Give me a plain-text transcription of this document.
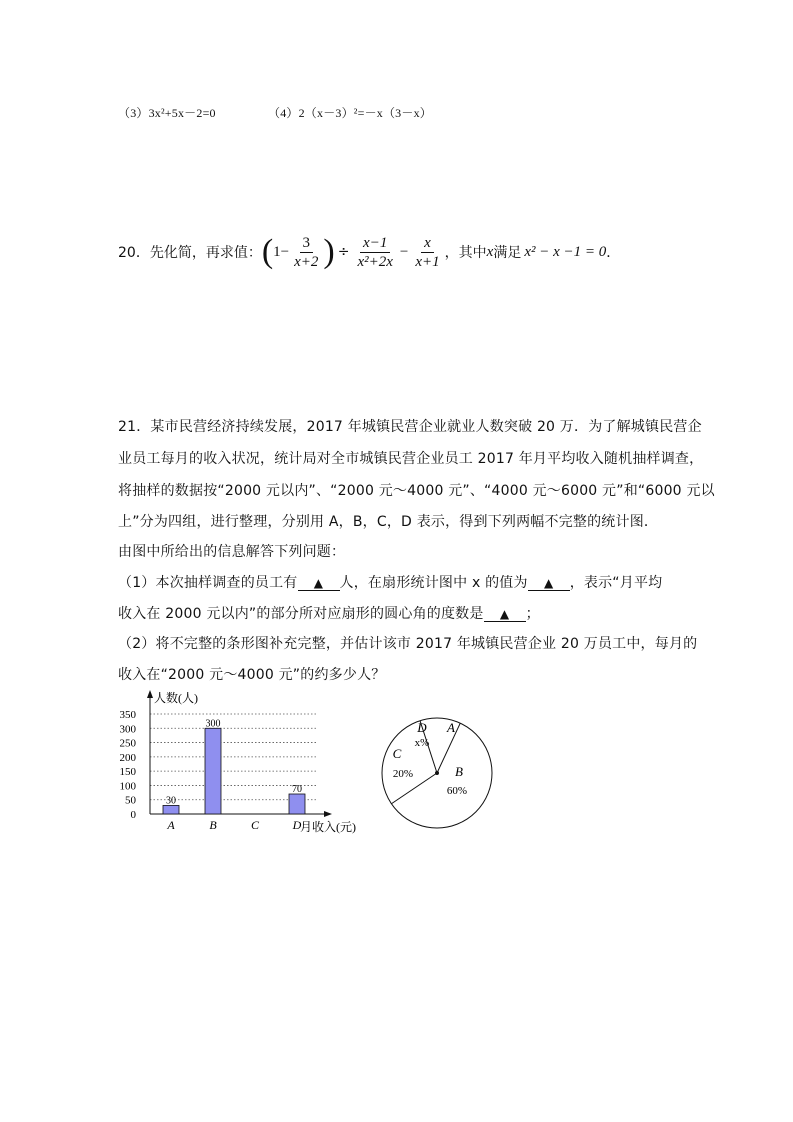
（3）3x²+5x－2=0	（4）2（x－3）²=－x（3－x）
20．先化简，再求值： ( $1- \frac{3}{x+2}$ ) ÷ $\frac{x-1}{\text{x²+2x}} - \frac{x}{x+1}$ ，其中 x 满足 x² − x −1 = 0 ．
21．某市民营经济持续发展，2017 年城镇民营企业就业人数突破 20 万．为了解城镇民营企
业员工每月的收入状况，统计局对全市城镇民营企业员工 2017 年月平均收入随机抽样调查，
将抽样的数据按“2000 元以内”、“2000 元～4000 元”、“4000 元～6000 元”和“6000 元以
上”分为四组，进行整理，分别用 A，B，C，D 表示，得到下列两幅不完整的统计图．
由图中所给出的信息解答下列问题：
（1）本次抽样调查的员工有 ▲ 人，在扇形统计图中 x 的值为 ▲ ，表示“月平均
收入在 2000 元以内”的部分所对应扇形的圆心角的度数是 ▲ ；
（2）将不完整的条形图补充完整，并估计该市 2017 年城镇民营企业 20 万员工中，每月的
收入在“2000 元～4000 元”的约多少人？
0
50
100
150
200
250
300
350
人数(人)
月收入(元)
30
A
300
B	C
70
D
A
B
60%
C
20%
D
x%
